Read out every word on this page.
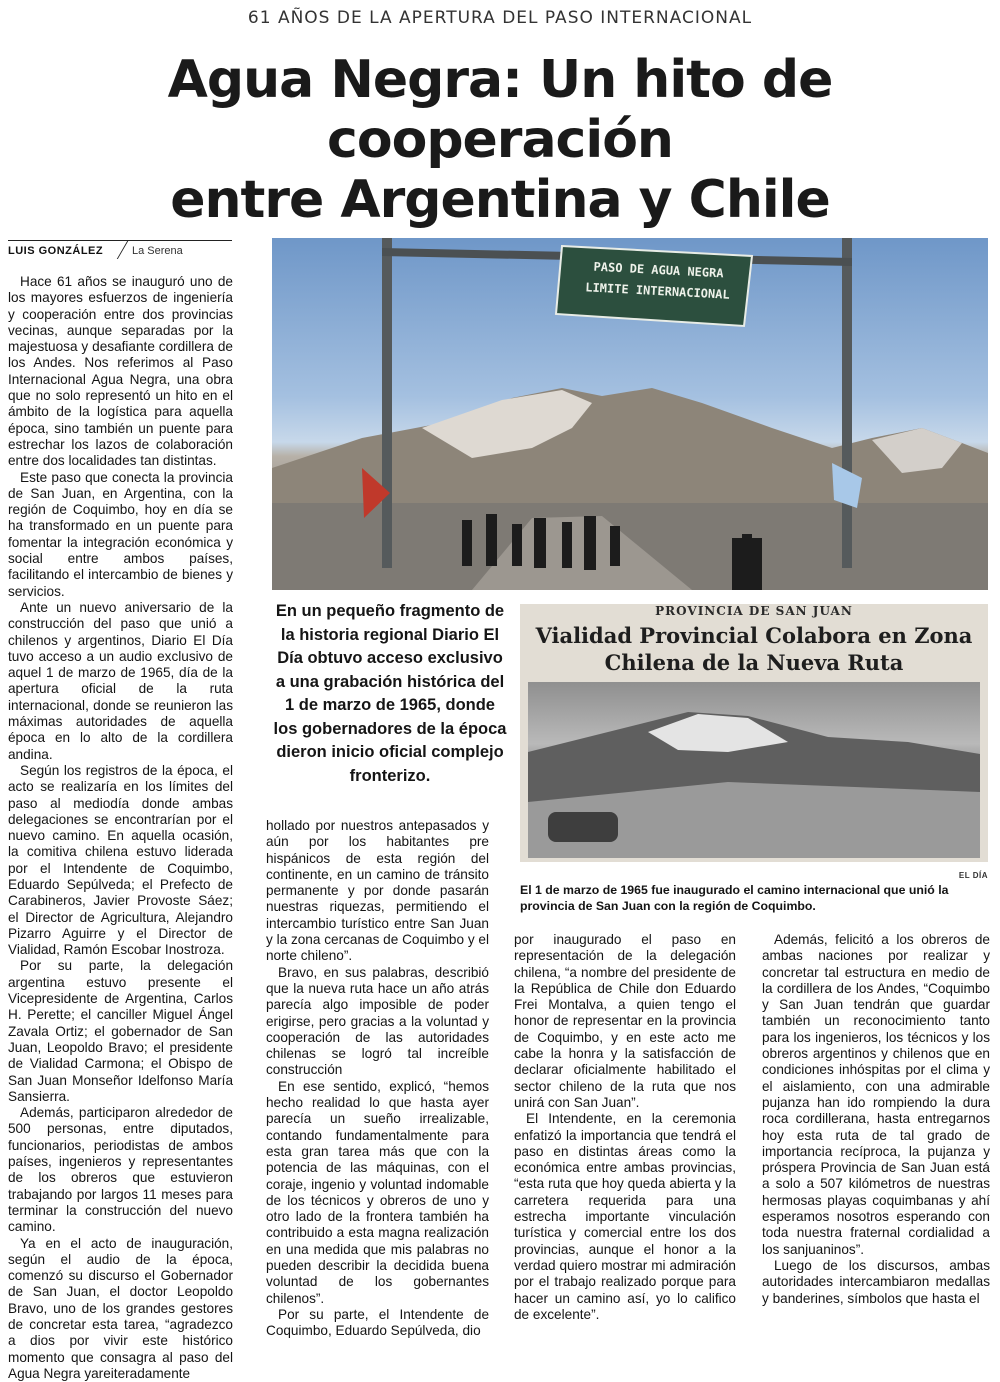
61 AÑOS DE LA APERTURA DEL PASO INTERNACIONAL
Agua Negra: Un hito de cooperación
entre Argentina y Chile
LUIS GONZÁLEZ	La Serena

Hace 61 años se inauguró uno de los mayores esfuerzos de ingeniería y cooperación entre dos provincias vecinas, aunque separadas por la majestuosa y desafiante cordillera de los Andes. Nos referimos al Paso Internacional Agua Negra, una obra que no solo representó un hito en el ámbito de la logística para aquella época, sino también un puente para estrechar los lazos de colaboración entre dos localidades tan distintas.

Este paso que conecta la provincia de San Juan, en Argentina, con la región de Coquimbo, hoy en día se ha transformado en un puente para fomentar la integración económica y social entre ambos países, facilitando el intercambio de bienes y servicios.

Ante un nuevo aniversario de la construcción del paso que unió a chilenos y argentinos, Diario El Día tuvo acceso a un audio exclusivo de aquel 1 de marzo de 1965, día de la apertura oficial de la ruta internacional, donde se reunieron las máximas autoridades de aquella época en lo alto de la cordillera andina.

Según los registros de la época, el acto se realizaría en los límites del paso al mediodía donde ambas delegaciones se encontrarían por el nuevo camino. En aquella ocasión, la comitiva chilena estuvo liderada por el Intendente de Coquimbo, Eduardo Sepúlveda; el Prefecto de Carabineros, Javier Provoste Sáez; el Director de Agricultura, Alejandro Pizarro Aguirre y el Director de Vialidad, Ramón Escobar Inostroza.

Por su parte, la delegación argentina estuvo presente el Vicepresidente de Argentina, Carlos H. Perette; el canciller Miguel Ángel Zavala Ortiz; el gobernador de San Juan, Leopoldo Bravo; el presidente de Vialidad Carmona; el Obispo de San Juan Monseñor Idelfonso María Sansierra.

Además, participaron alrededor de 500 personas, entre diputados, funcionarios, periodistas de ambos países, ingenieros y representantes de los obreros que estuvieron trabajando por largos 11 meses para terminar la construcción del nuevo camino.

Ya en el acto de inauguración, según el audio de la época, comenzó su discurso el Gobernador de San Juan, el doctor Leopoldo Bravo, uno de los grandes gestores de concretar esta tarea, “agradezco a dios por vivir este histórico momento que consagra al paso del Agua Negra yareiteradamente

PASO DE AGUA NEGRA
LIMITE INTERNACIONAL
En un pequeño fragmento de la historia regional Diario El Día obtuvo acceso exclusivo a una grabación histórica del 1 de marzo de 1965, donde los gobernadores de la época dieron inicio oficial complejo fronterizo.
PROVINCIA DE SAN JUAN
Vialidad Provincial Colabora en Zona Chilena de la Nueva Ruta
EL DÍA
El 1 de marzo de 1965 fue inaugurado el camino internacional que unió la provincia de San Juan con la región de Coquimbo.

hollado por nuestros antepasados y aún por los habitantes pre hispánicos de esta región del continente, en un camino de tránsito permanente y por donde pasarán nuestras riquezas, permitiendo el intercambio turístico entre San Juan y la zona cercanas de Coquimbo y el norte chileno”.

Bravo, en sus palabras, describió que la nueva ruta hace un año atrás parecía algo imposible de poder erigirse, pero gracias a la voluntad y cooperación de las autoridades chilenas se logró tal increíble construcción

En ese sentido, explicó, “hemos hecho realidad lo que hasta ayer parecía un sueño irrealizable, contando fundamentalmente para esta gran tarea más que con la potencia de las máquinas, con el coraje, ingenio y voluntad indomable de los técnicos y obreros de uno y otro lado de la frontera también ha contribuido a esta magna realización en una medida que mis palabras no pueden describir la decidida buena voluntad de los gobernantes chilenos”.

Por su parte, el Intendente de Coquimbo, Eduardo Sepúlveda, dio

por inaugurado el paso en representación de la delegación chilena, “a nombre del presidente de la República de Chile don Eduardo Frei Montalva, a quien tengo el honor de representar en la provincia de Coquimbo, y en este acto me cabe la honra y la satisfacción de declarar oficialmente habilitado el sector chileno de la ruta que nos unirá con San Juan”.

El Intendente, en la ceremonia enfatizó la importancia que tendrá el paso en distintas áreas como la económica entre ambas provincias, “esta ruta que hoy queda abierta y la carretera requerida para una estrecha importante vinculación turística y comercial entre los dos provincias, aunque el honor a la verdad quiero mostrar mi admiración por el trabajo realizado porque para hacer un camino así, yo lo califico de excelente”.

Además, felicitó a los obreros de ambas naciones por realizar y concretar tal estructura en medio de la cordillera de los Andes, “Coquimbo y San Juan tendrán que guardar también un reconocimiento tanto para los ingenieros, los técnicos y los obreros argentinos y chilenos que en condiciones inhóspitas por el clima y el aislamiento, con una admirable pujanza han ido rompiendo la dura roca cordillerana, hasta entregarnos hoy esta ruta de tal grado de importancia recíproca, la pujanza y próspera Provincia de San Juan está a solo a 507 kilómetros de nuestras hermosas playas coquimbanas y ahí esperamos nosotros esperando con toda nuestra fraternal cordialidad a los sanjuaninos”.

Luego de los discursos, ambas autoridades intercambiaron medallas y banderines, símbolos que hasta el
